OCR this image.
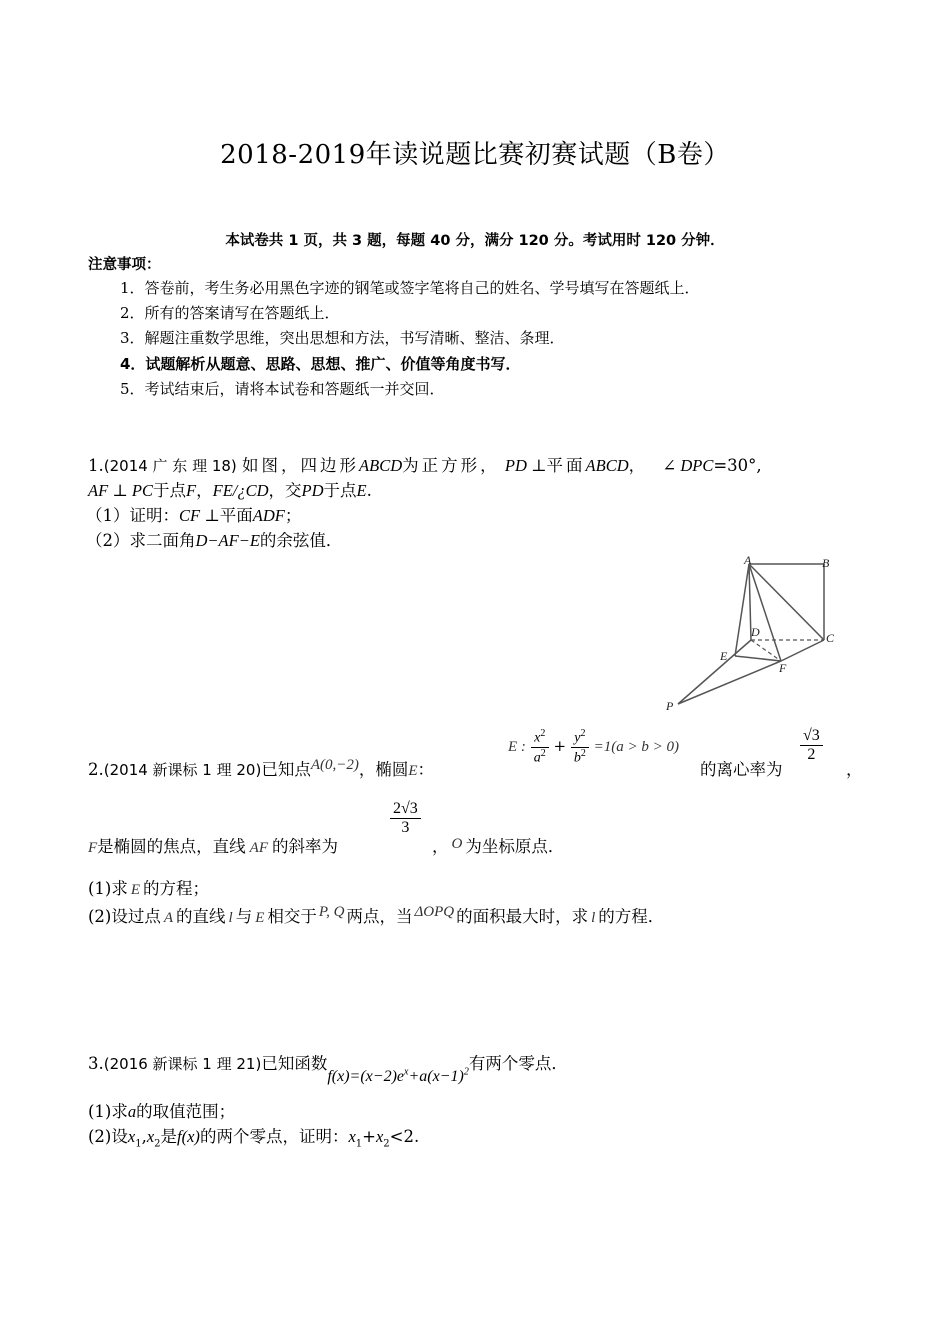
2018-2019年读说题比赛初赛试题（B卷）
本试卷共 1 页，共 3 题，每题 40 分，满分 120 分。考试用时 120 分钟．
注意事项：
1．答卷前，考生务必用黑色字迹的钢笔或签字笔将自己的姓名、学号填写在答题纸上．
2．所有的答案请写在答题纸上．
3．解题注重数学思维，突出思想和方法，书写清晰、整洁、条理．
4．试题解析从题意、思路、思想、推广、价值等角度书写．
5．考试结束后，请将本试卷和答题纸一并交回．
1.(2014 广 东 理 18) 如图，四边形ABCD为正方形， PD ⊥平面ABCD， ∠ DPC=30°,
AF ⊥ PC于点F，FE/¿CD，交PD于点E.
（1）证明：CF ⊥平面ADF；
（2）求二面角D−AF−E的余弦值．
A	B
C
D
E
F
P
2.(2014 新课标 1 理 20)已知点A(0,−2)，椭圆E：
E : $\frac{x^2}{a^2} + \frac{y^2}{b^2} =1(a > b > 0)$
的离心率为
$\frac{√3}{2}$
，
F是椭圆的焦点，直线 AF 的斜率为
$\frac{2√3}{3}$
， O 为坐标原点．
(1)求 E 的方程；
(2)设过点 A 的直线 l 与 E 相交于 P, Q 两点，当 ΔOPQ 的面积最大时，求 l 的方程．
3.(2016 新课标 1 理 21)已知函数$f(x)=(x-2)e^x+a(x-1)^2$有两个零点．
(1)求a的取值范围；
(2)设$x_1,x_2$是f(x)的两个零点，证明：$x_1+x_2<2$.
